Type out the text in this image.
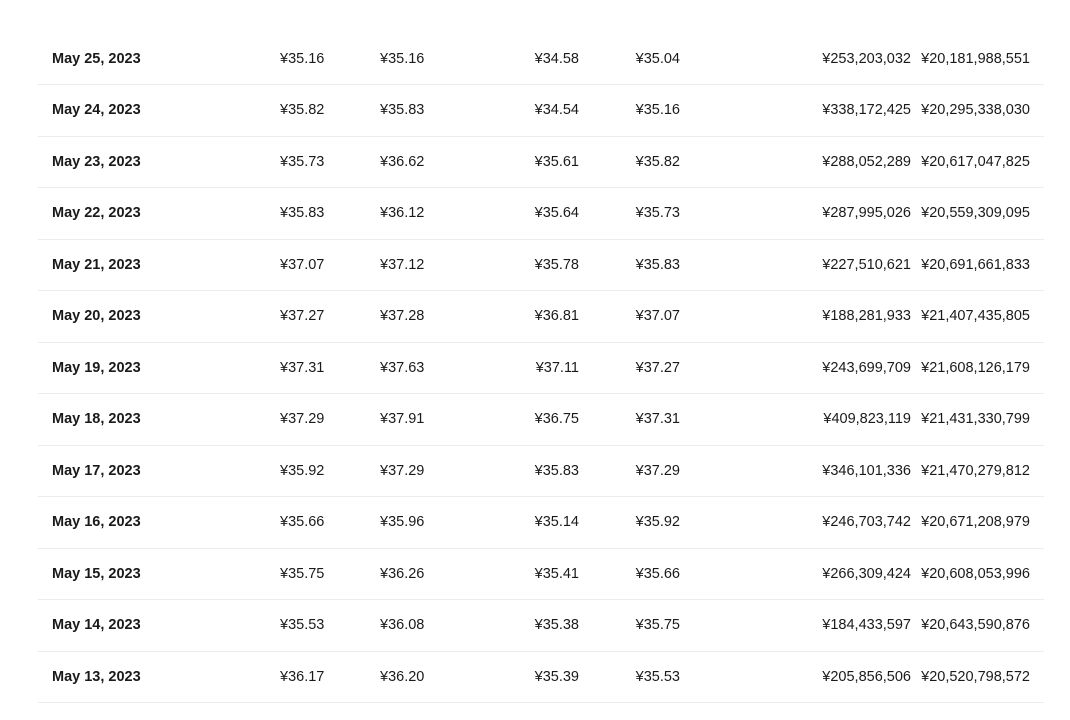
May 25, 2023	¥35.16	¥35.16	¥34.58	¥35.04	¥253,203,032	¥20,181,988,551
May 24, 2023	¥35.82	¥35.83	¥34.54	¥35.16	¥338,172,425	¥20,295,338,030
May 23, 2023	¥35.73	¥36.62	¥35.61	¥35.82	¥288,052,289	¥20,617,047,825
May 22, 2023	¥35.83	¥36.12	¥35.64	¥35.73	¥287,995,026	¥20,559,309,095
May 21, 2023	¥37.07	¥37.12	¥35.78	¥35.83	¥227,510,621	¥20,691,661,833
May 20, 2023	¥37.27	¥37.28	¥36.81	¥37.07	¥188,281,933	¥21,407,435,805
May 19, 2023	¥37.31	¥37.63	¥37.11	¥37.27	¥243,699,709	¥21,608,126,179
May 18, 2023	¥37.29	¥37.91	¥36.75	¥37.31	¥409,823,119	¥21,431,330,799
May 17, 2023	¥35.92	¥37.29	¥35.83	¥37.29	¥346,101,336	¥21,470,279,812
May 16, 2023	¥35.66	¥35.96	¥35.14	¥35.92	¥246,703,742	¥20,671,208,979
May 15, 2023	¥35.75	¥36.26	¥35.41	¥35.66	¥266,309,424	¥20,608,053,996
May 14, 2023	¥35.53	¥36.08	¥35.38	¥35.75	¥184,433,597	¥20,643,590,876
May 13, 2023	¥36.17	¥36.20	¥35.39	¥35.53	¥205,856,506	¥20,520,798,572
